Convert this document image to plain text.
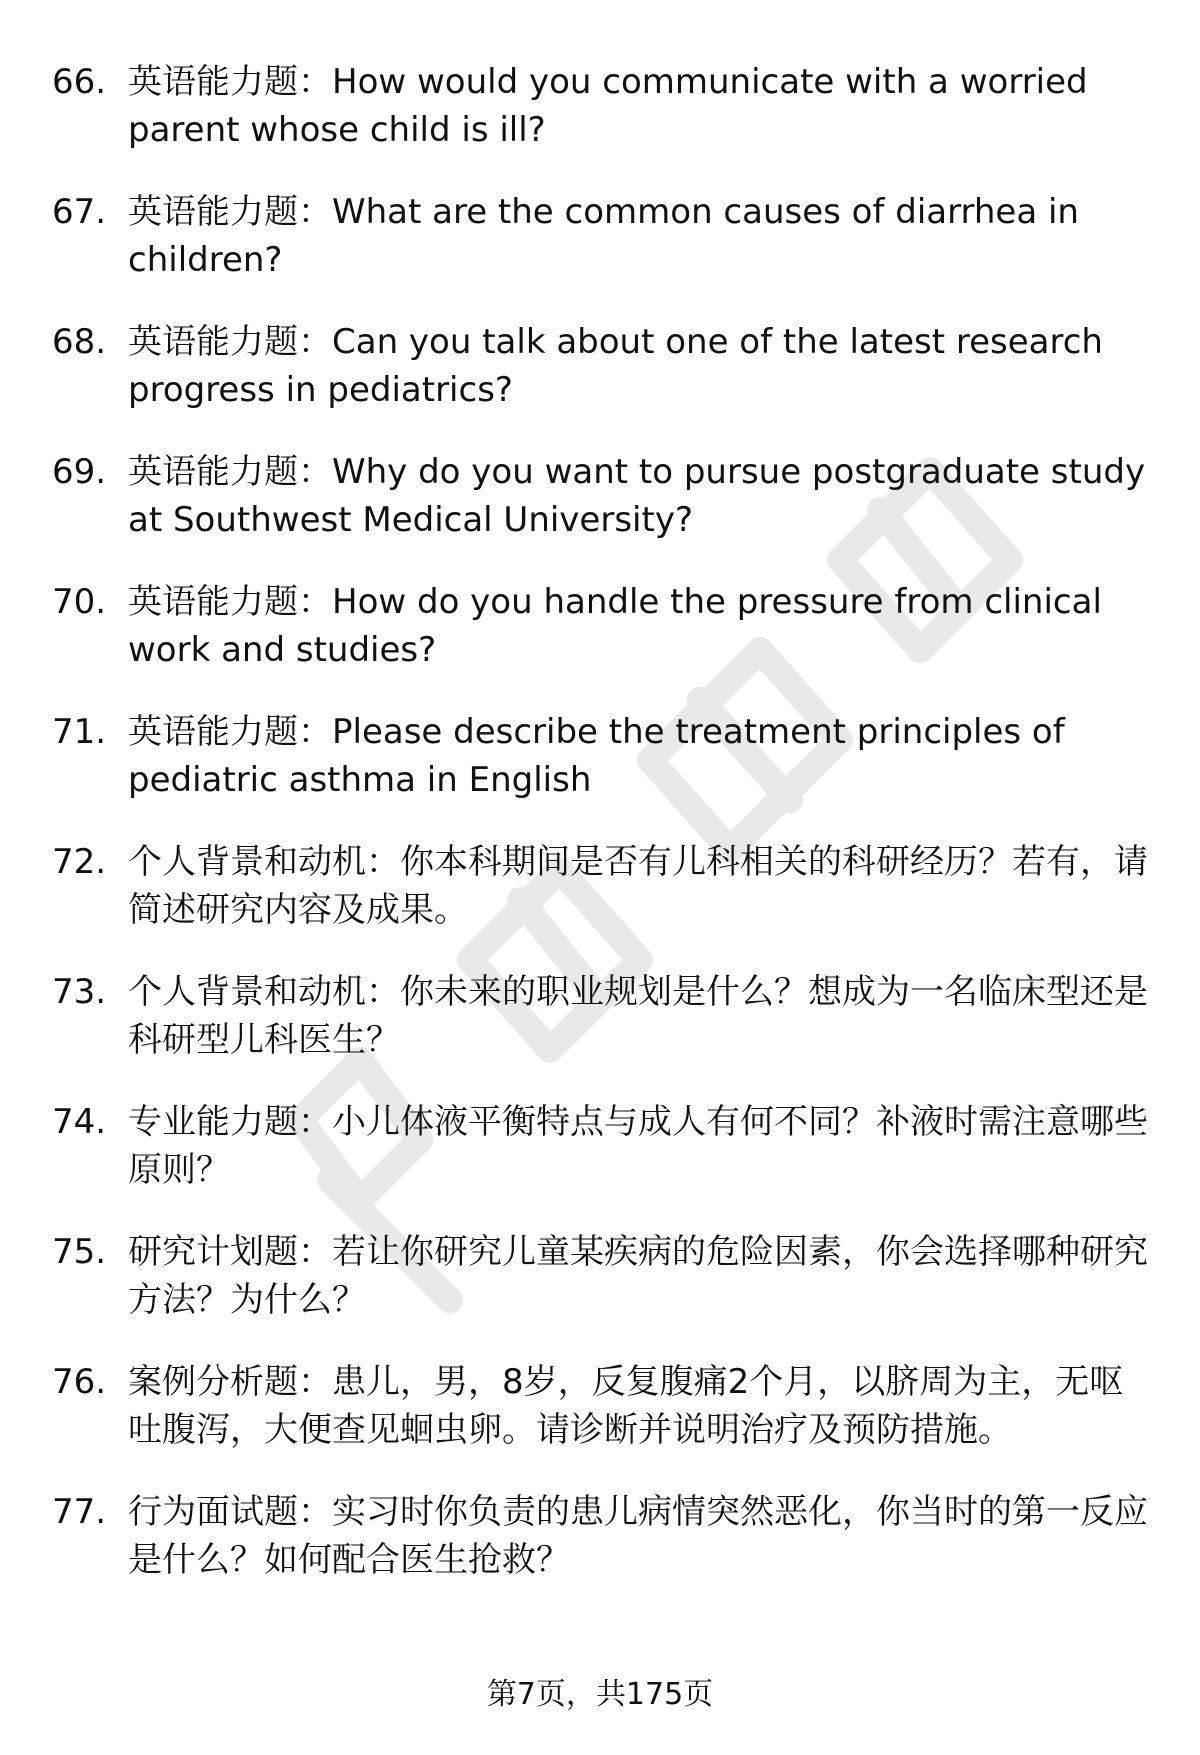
66. 英语能力题：How would you communicate with a worried parent whose child is ill?
67. 英语能力题：What are the common causes of diarrhea in children?
68. 英语能力题：Can you talk about one of the latest research progress in pediatrics?
69. 英语能力题：Why do you want to pursue postgraduate study at Southwest Medical University?
70. 英语能力题：How do you handle the pressure from clinical work and studies?
71. 英语能力题：Please describe the treatment principles of pediatric asthma in English
72. 个人背景和动机：你本科期间是否有儿科相关的科研经历？若有，请简述研究内容及成果。
73. 个人背景和动机：你未来的职业规划是什么？想成为一名临床型还是科研型儿科医生？
74. 专业能力题：小儿体液平衡特点与成人有何不同？补液时需注意哪些原则？
75. 研究计划题：若让你研究儿童某疾病的危险因素，你会选择哪种研究方法？为什么？
76. 案例分析题：患儿，男，8岁，反复腹痛2个月，以脐周为主，无呕吐腹泻，大便查见蛔虫卵。请诊断并说明治疗及预防措施。
77. 行为面试题：实习时你负责的患儿病情突然恶化，你当时的第一反应是什么？如何配合医生抢救？
第7页，共175页
